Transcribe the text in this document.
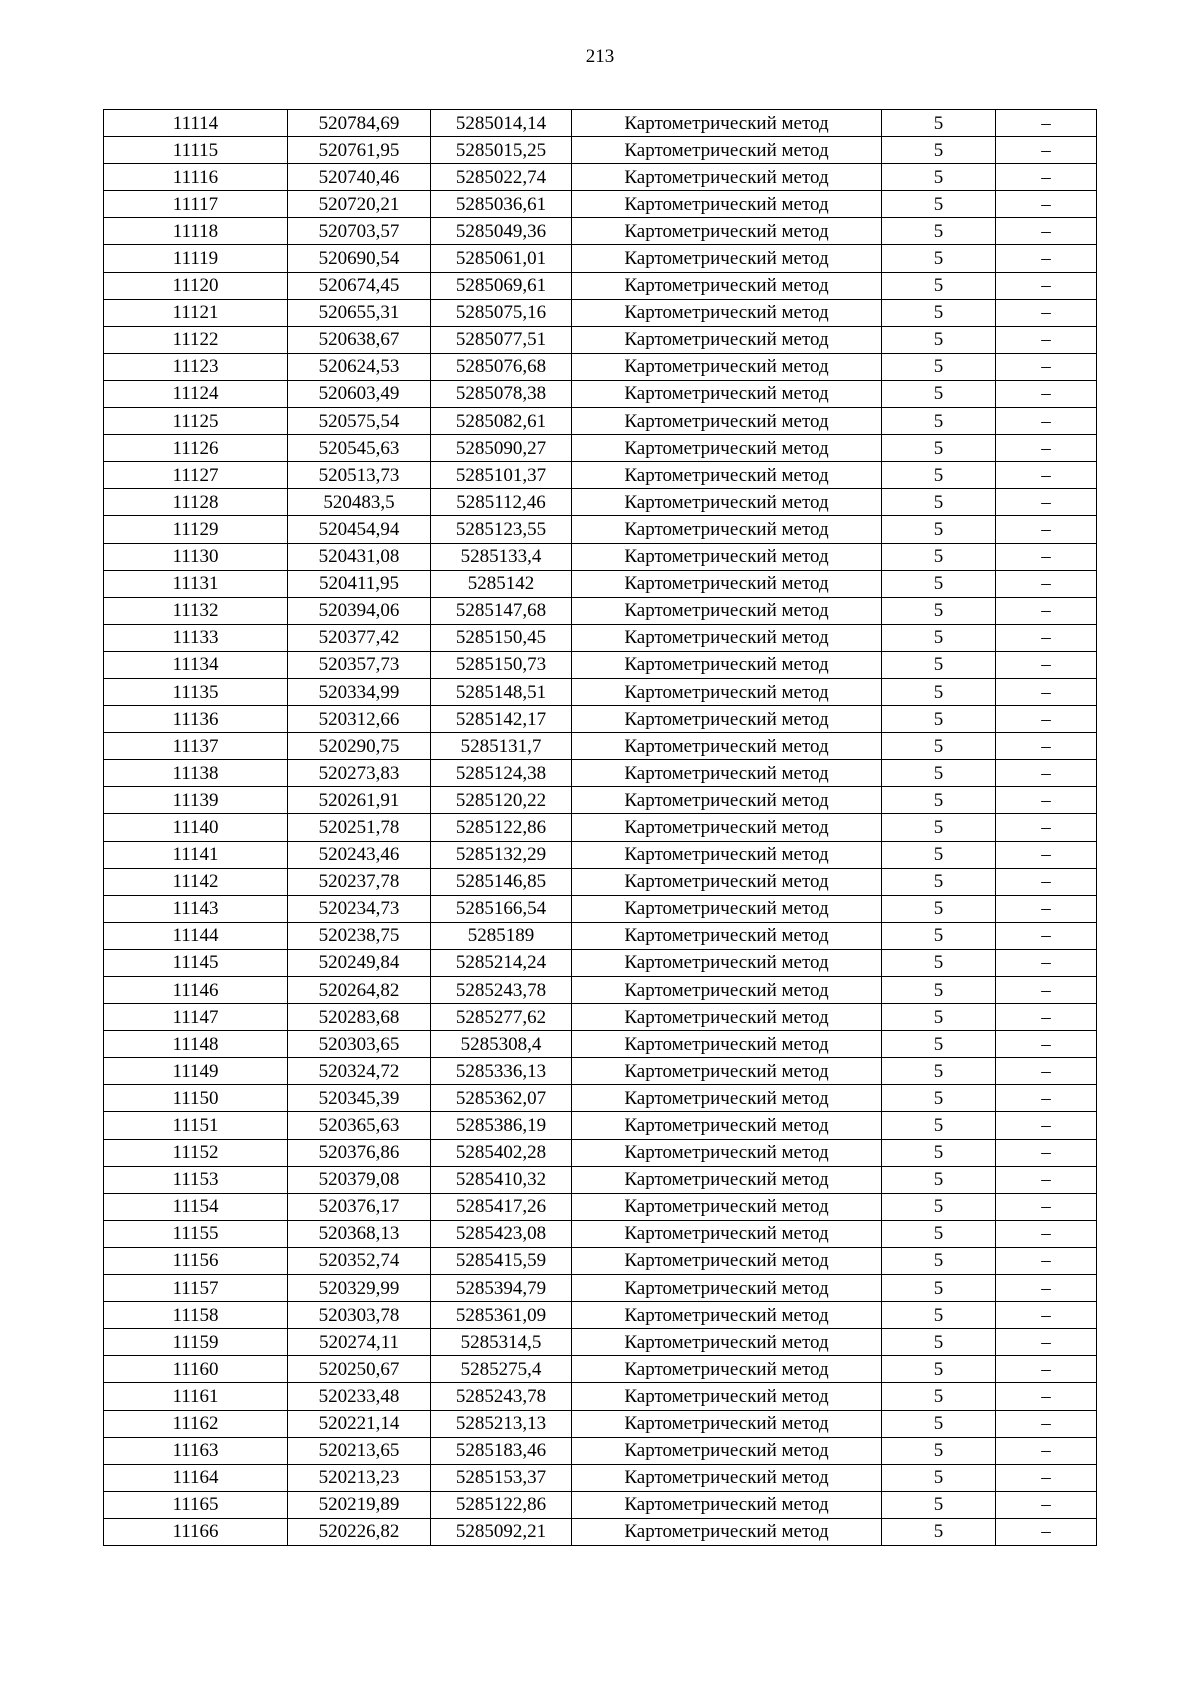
213
11114	520784,69	5285014,14	Картометрический метод	5	–
11115	520761,95	5285015,25	Картометрический метод	5	–
11116	520740,46	5285022,74	Картометрический метод	5	–
11117	520720,21	5285036,61	Картометрический метод	5	–
11118	520703,57	5285049,36	Картометрический метод	5	–
11119	520690,54	5285061,01	Картометрический метод	5	–
11120	520674,45	5285069,61	Картометрический метод	5	–
11121	520655,31	5285075,16	Картометрический метод	5	–
11122	520638,67	5285077,51	Картометрический метод	5	–
11123	520624,53	5285076,68	Картометрический метод	5	–
11124	520603,49	5285078,38	Картометрический метод	5	–
11125	520575,54	5285082,61	Картометрический метод	5	–
11126	520545,63	5285090,27	Картометрический метод	5	–
11127	520513,73	5285101,37	Картометрический метод	5	–
11128	520483,5	5285112,46	Картометрический метод	5	–
11129	520454,94	5285123,55	Картометрический метод	5	–
11130	520431,08	5285133,4	Картометрический метод	5	–
11131	520411,95	5285142	Картометрический метод	5	–
11132	520394,06	5285147,68	Картометрический метод	5	–
11133	520377,42	5285150,45	Картометрический метод	5	–
11134	520357,73	5285150,73	Картометрический метод	5	–
11135	520334,99	5285148,51	Картометрический метод	5	–
11136	520312,66	5285142,17	Картометрический метод	5	–
11137	520290,75	5285131,7	Картометрический метод	5	–
11138	520273,83	5285124,38	Картометрический метод	5	–
11139	520261,91	5285120,22	Картометрический метод	5	–
11140	520251,78	5285122,86	Картометрический метод	5	–
11141	520243,46	5285132,29	Картометрический метод	5	–
11142	520237,78	5285146,85	Картометрический метод	5	–
11143	520234,73	5285166,54	Картометрический метод	5	–
11144	520238,75	5285189	Картометрический метод	5	–
11145	520249,84	5285214,24	Картометрический метод	5	–
11146	520264,82	5285243,78	Картометрический метод	5	–
11147	520283,68	5285277,62	Картометрический метод	5	–
11148	520303,65	5285308,4	Картометрический метод	5	–
11149	520324,72	5285336,13	Картометрический метод	5	–
11150	520345,39	5285362,07	Картометрический метод	5	–
11151	520365,63	5285386,19	Картометрический метод	5	–
11152	520376,86	5285402,28	Картометрический метод	5	–
11153	520379,08	5285410,32	Картометрический метод	5	–
11154	520376,17	5285417,26	Картометрический метод	5	–
11155	520368,13	5285423,08	Картометрический метод	5	–
11156	520352,74	5285415,59	Картометрический метод	5	–
11157	520329,99	5285394,79	Картометрический метод	5	–
11158	520303,78	5285361,09	Картометрический метод	5	–
11159	520274,11	5285314,5	Картометрический метод	5	–
11160	520250,67	5285275,4	Картометрический метод	5	–
11161	520233,48	5285243,78	Картометрический метод	5	–
11162	520221,14	5285213,13	Картометрический метод	5	–
11163	520213,65	5285183,46	Картометрический метод	5	–
11164	520213,23	5285153,37	Картометрический метод	5	–
11165	520219,89	5285122,86	Картометрический метод	5	–
11166	520226,82	5285092,21	Картометрический метод	5	–
